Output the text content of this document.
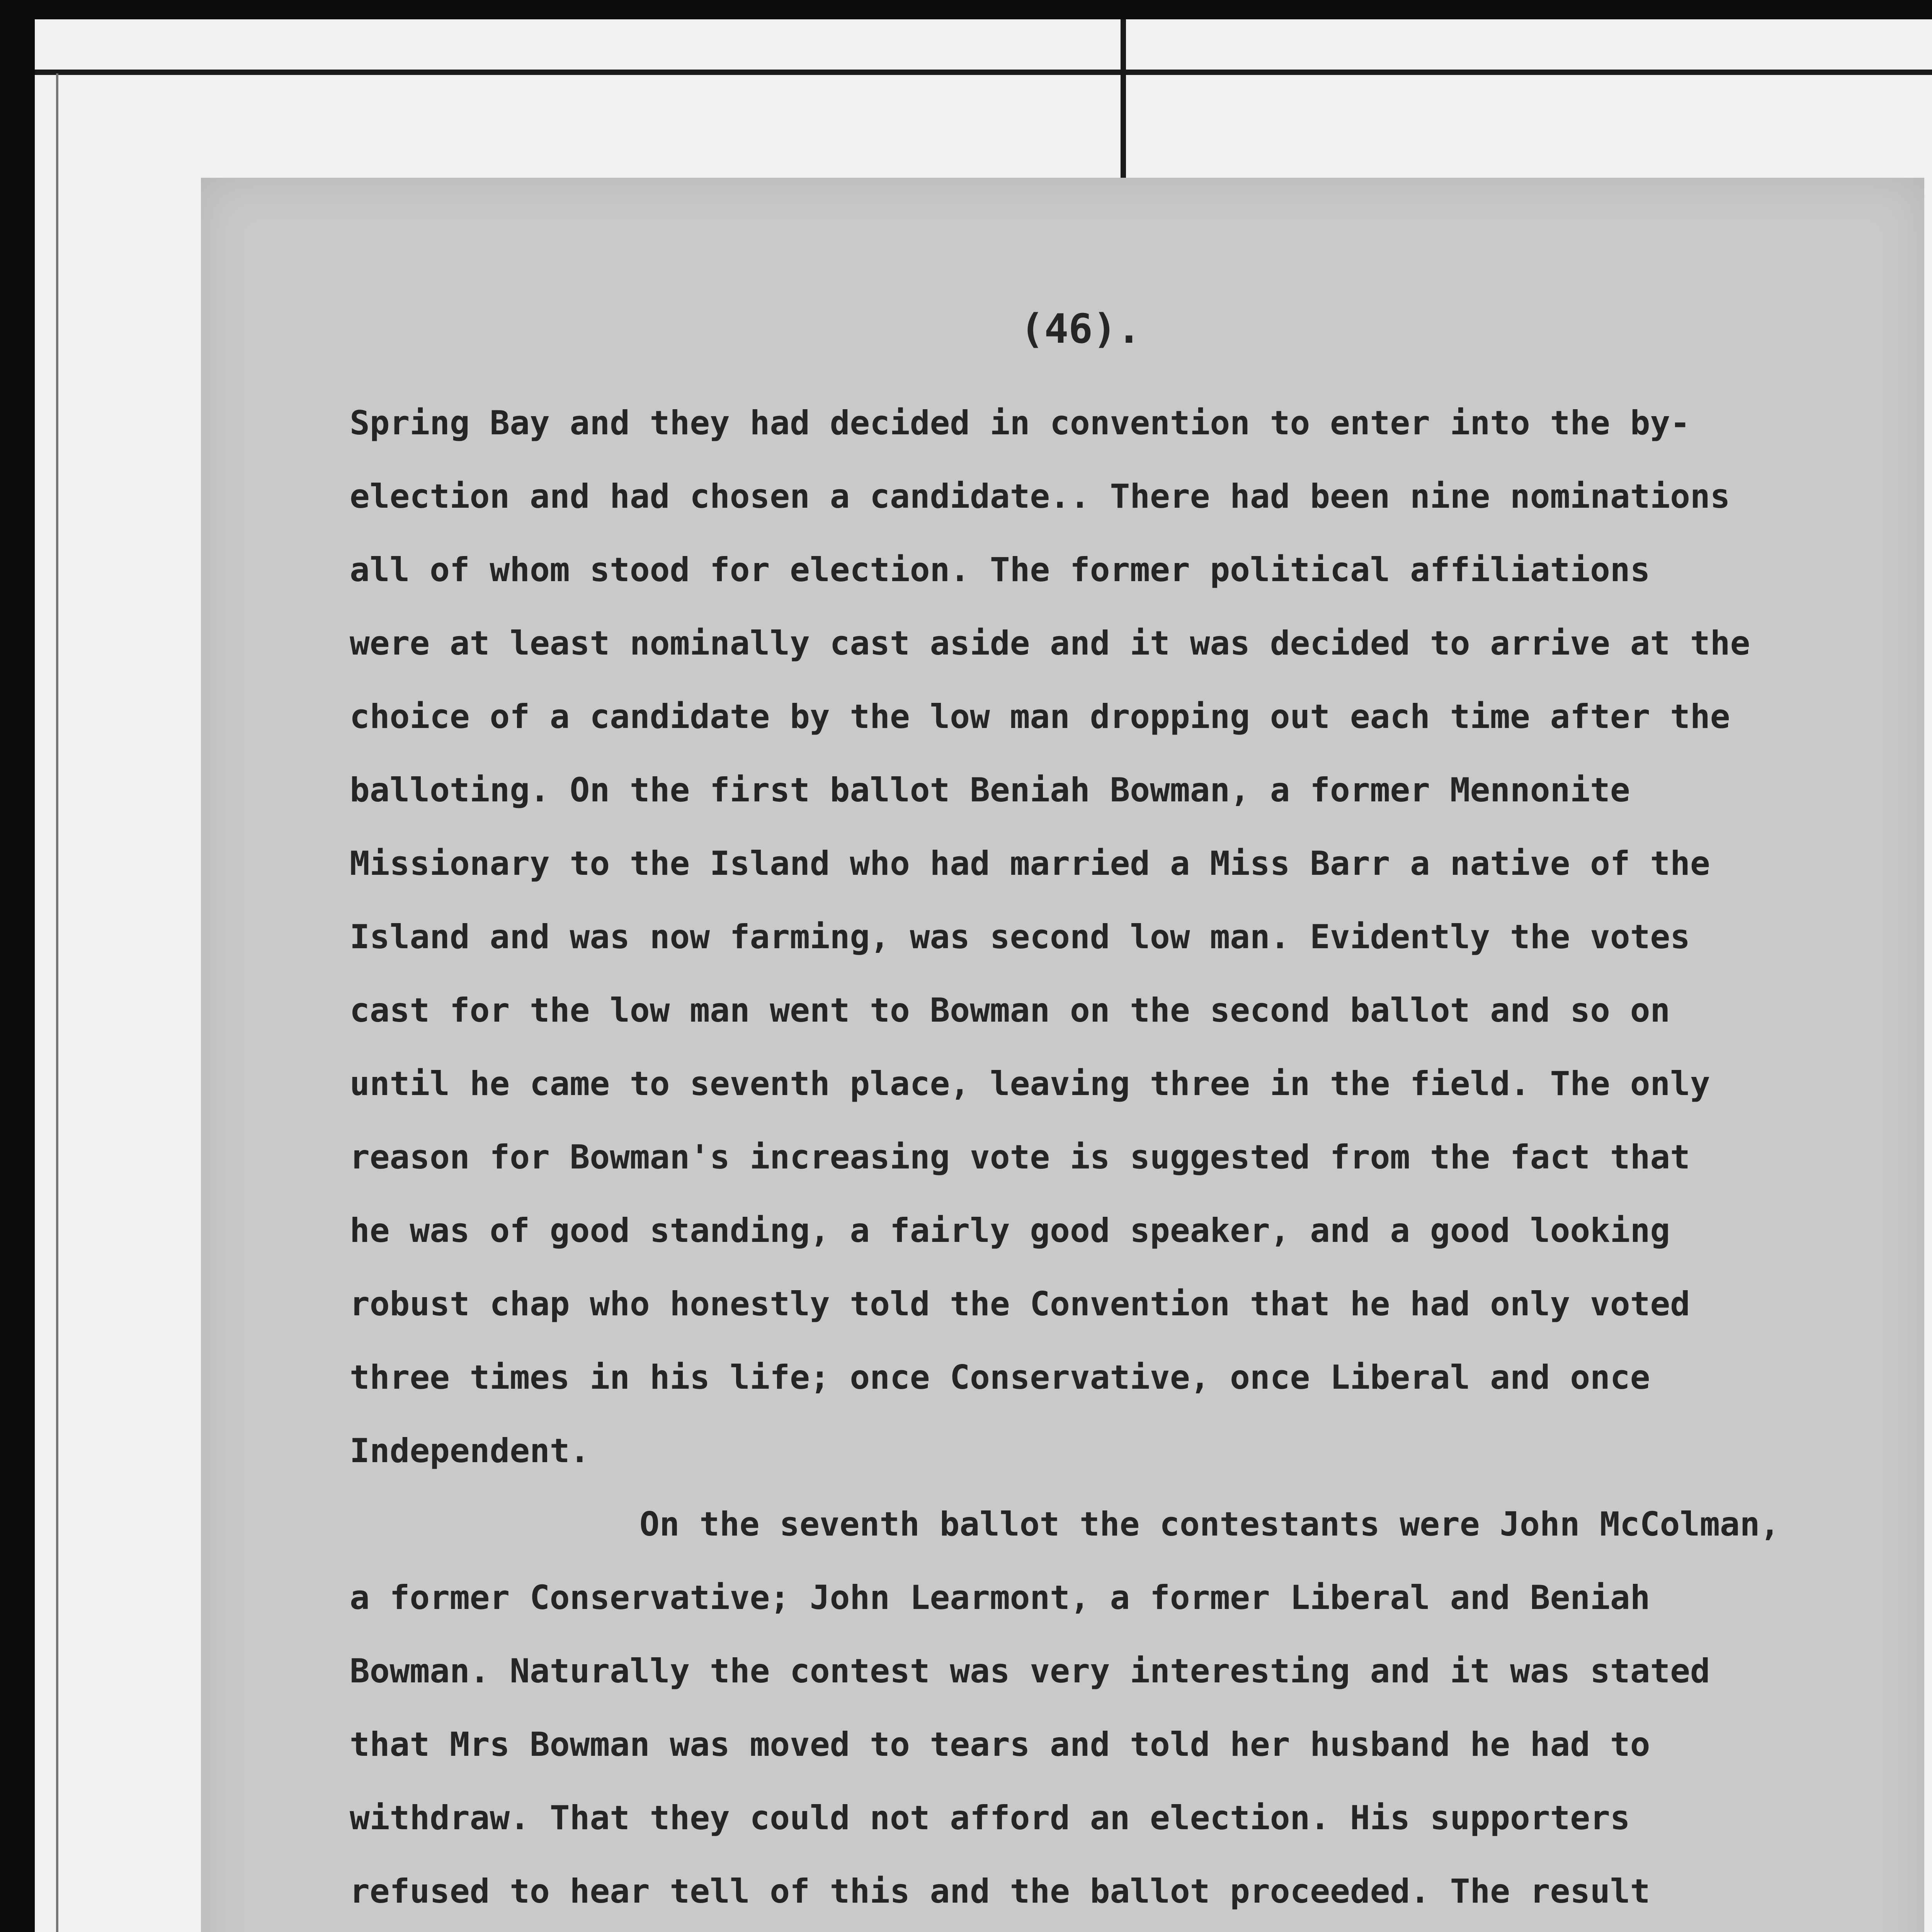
(46).

Spring Bay and they had decided in convention to enter into the by-
election and had chosen a candidate.. There had been nine nominations
all of whom stood for election. The former political affiliations
were at least nominally cast aside and it was decided to arrive at the
choice of a candidate by the low man dropping out each time after the
balloting. On the first ballot Beniah Bowman, a former Mennonite
Missionary to the Island who had married a Miss Barr a native of the
Island and was now farming, was second low man. Evidently the votes
cast for the low man went to Bowman on the second ballot and so on
until he came to seventh place, leaving three in the field. The only
reason for Bowman's increasing vote is suggested from the fact that
he was of good standing, a fairly good speaker, and a good looking
robust chap who honestly told the Convention that he had only voted
three times in his life; once Conservative, once Liberal and once
Independent.
On the seventh ballot the contestants were John McColman,
a former Conservative; John Learmont, a former Liberal and Beniah
Bowman. Naturally the contest was very interesting and it was stated
that Mrs Bowman was moved to tears and told her husband he had to
withdraw. That they could not afford an election. His supporters
refused to hear tell of this and the ballot proceeded. The result
